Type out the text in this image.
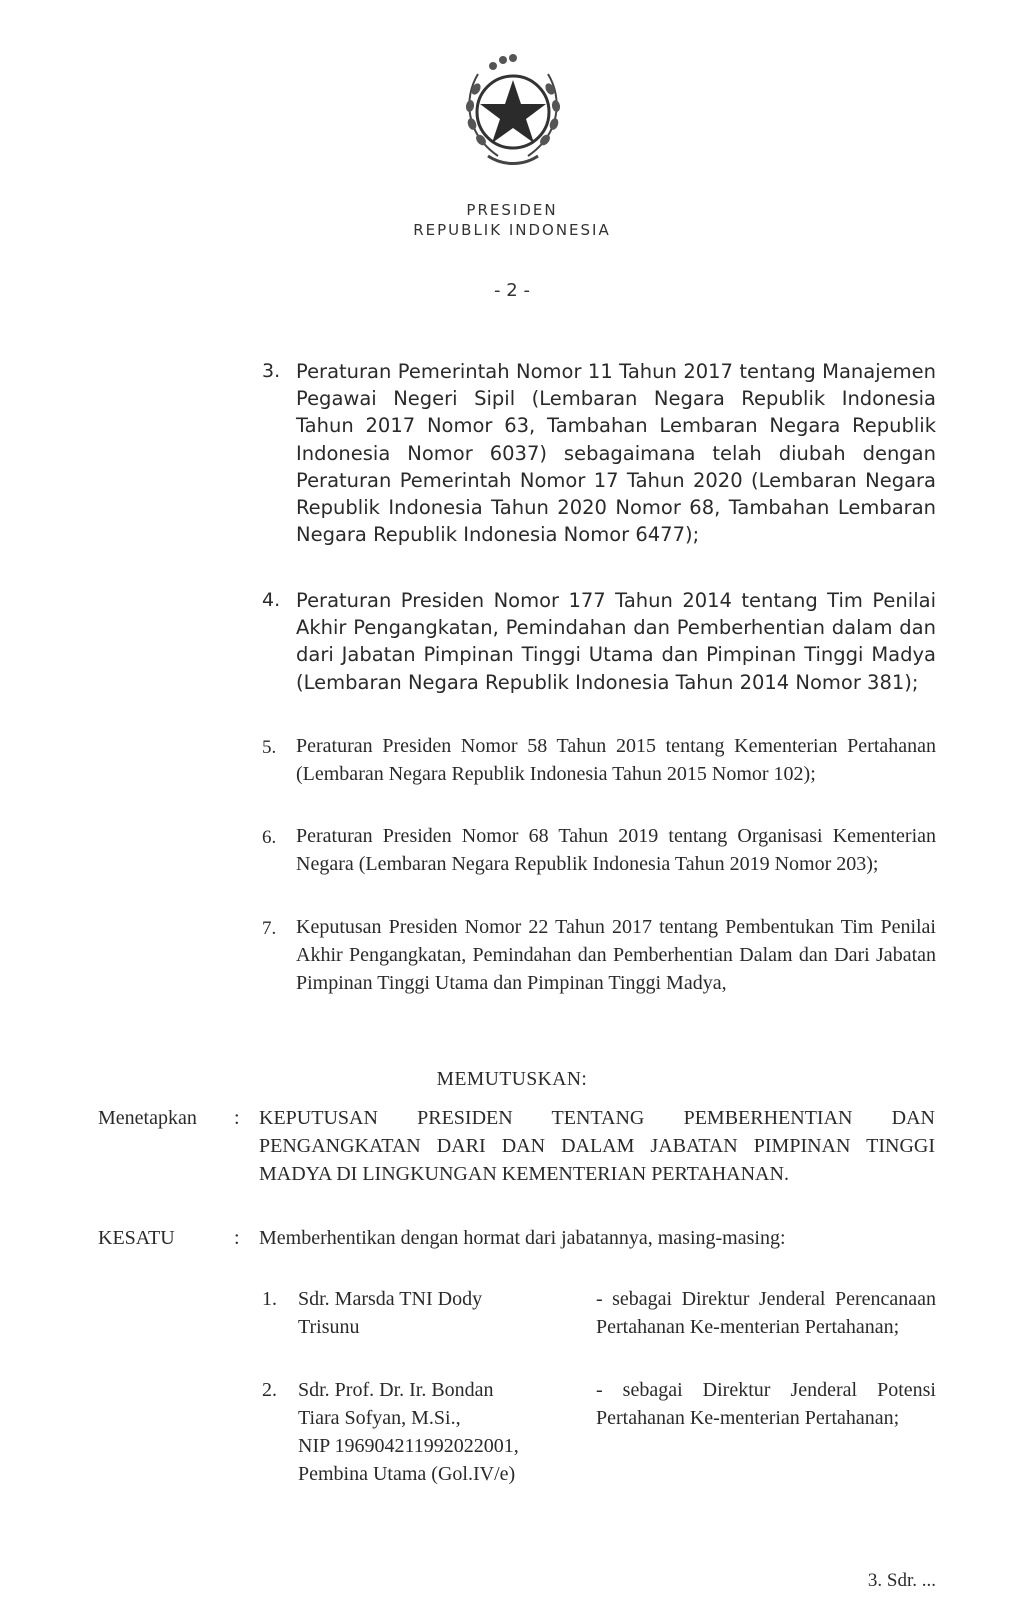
PRESIDEN
REPUBLIK INDONESIA
- 2 -
3. Peraturan Pemerintah Nomor 11 Tahun 2017 tentang Manajemen Pegawai Negeri Sipil (Lembaran Negara Republik Indonesia Tahun 2017 Nomor 63, Tambahan Lembaran Negara Republik Indonesia Nomor 6037) sebagaimana telah diubah dengan Peraturan Pemerintah Nomor 17 Tahun 2020 (Lembaran Negara Republik Indonesia Tahun 2020 Nomor 68, Tambahan Lembaran Negara Republik Indonesia Nomor 6477);
4. Peraturan Presiden Nomor 177 Tahun 2014 tentang Tim Penilai Akhir Pengangkatan, Pemindahan dan Pemberhentian dalam dan dari Jabatan Pimpinan Tinggi Utama dan Pimpinan Tinggi Madya (Lembaran Negara Republik Indonesia Tahun 2014 Nomor 381);
5. Peraturan Presiden Nomor 58 Tahun 2015 tentang Kementerian Pertahanan (Lembaran Negara Republik Indonesia Tahun 2015 Nomor 102);
6. Peraturan Presiden Nomor 68 Tahun 2019 tentang Organisasi Kementerian Negara (Lembaran Negara Republik Indonesia Tahun 2019 Nomor 203);
7. Keputusan Presiden Nomor 22 Tahun 2017 tentang Pembentukan Tim Penilai Akhir Pengangkatan, Pemindahan dan Pemberhentian Dalam dan Dari Jabatan Pimpinan Tinggi Utama dan Pimpinan Tinggi Madya,
MEMUTUSKAN:
Menetapkan : KEPUTUSAN PRESIDEN TENTANG PEMBERHENTIAN DAN PENGANGKATAN DARI DAN DALAM JABATAN PIMPINAN TINGGI MADYA DI LINGKUNGAN KEMENTERIAN PERTAHANAN.
KESATU	: Memberhentikan dengan hormat dari jabatannya, masing-masing:
1. Sdr. Marsda TNI Dody
Trisunu
- sebagai Direktur Jenderal Perencanaan Pertahanan Ke-menterian Pertahanan;
2. Sdr. Prof. Dr. Ir. Bondan
Tiara Sofyan, M.Si.,
NIP 196904211992022001,
Pembina Utama (Gol.IV/e)
- sebagai Direktur Jenderal Potensi Pertahanan Ke-menterian Pertahanan;
3. Sdr. ...
